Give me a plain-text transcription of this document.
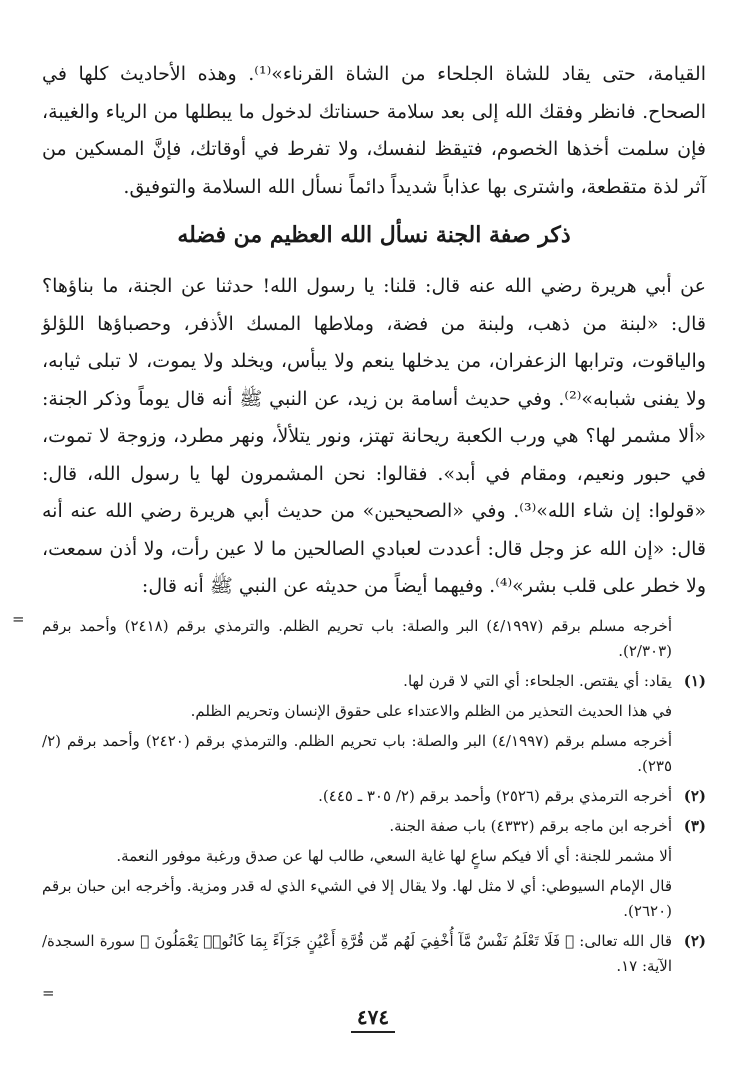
القيامة، حتى يقاد للشاة الجلحاء من الشاة القرناء»⁽¹⁾. وهذه الأحاديث كلها في الصحاح. فانظر وفقك الله إلى بعد سلامة حسناتك لدخول ما يبطلها من الرياء والغيبة، فإن سلمت أخذها الخصوم، فتيقظ لنفسك، ولا تفرط في أوقاتك، فإنَّ المسكين من آثر لذة متقطعة، واشترى بها عذاباً شديداً دائماً نسأل الله السلامة والتوفيق.

ذكر صفة الجنة نسأل الله العظيم من فضله

عن أبي هريرة رضي الله عنه قال: قلنا: يا رسول الله! حدثنا عن الجنة، ما بناؤها؟ قال: «لبنة من ذهب، ولبنة من فضة، وملاطها المسك الأذفر، وحصباؤها اللؤلؤ والياقوت، وترابها الزعفران، من يدخلها ينعم ولا يبأس، ويخلد ولا يموت، لا تبلى ثيابه، ولا يفنى شبابه»⁽²⁾. وفي حديث أسامة بن زيد، عن النبي ﷺ أنه قال يوماً وذكر الجنة: «ألا مشمر لها؟ هي ورب الكعبة ريحانة تهتز، ونور يتلألأ، ونهر مطرد، وزوجة لا تموت، في حبور ونعيم، ومقام في أبد». فقالوا: نحن المشمرون لها يا رسول الله، قال: «قولوا: إن شاء الله»⁽³⁾. وفي «الصحيحين» من حديث أبي هريرة رضي الله عنه أنه قال: «إن الله عز وجل قال: أعددت لعبادي الصالحين ما لا عين رأت، ولا أذن سمعت، ولا خطر على قلب بشر»⁽⁴⁾. وفيهما أيضاً من حديثه عن النبي ﷺ أنه قال:

= أخرجه مسلم برقم (٤/١٩٩٧) البر والصلة: باب تحريم الظلم. والترمذي برقم (٢٤١٨) وأحمد برقم (٢/٣٠٣).
(١)
يقاد: أي يقتص. الجلحاء: أي التي لا قرن لها.
في هذا الحديث التحذير من الظلم والاعتداء على حقوق الإنسان وتحريم الظلم.
أخرجه مسلم برقم (٤/١٩٩٧) البر والصلة: باب تحريم الظلم. والترمذي برقم (٢٤٢٠) وأحمد برقم (٢/ ٢٣٥).
(٢)
أخرجه الترمذي برقم (٢٥٢٦) وأحمد برقم (٢/ ٣٠٥ ـ ٤٤٥).
(٣)
أخرجه ابن ماجه برقم (٤٣٣٢) باب صفة الجنة.
ألا مشمر للجنة: أي ألا فيكم ساعٍ لها غاية السعي، طالب لها عن صدق ورغبة موفور النعمة.
قال الإمام السيوطي: أي لا مثل لها. ولا يقال إلا في الشيء الذي له قدر ومزية. وأخرجه ابن حبان برقم (٢٦٢٠).
(٢)
قال الله تعالى: ﴿ فَلَا تَعْلَمُ نَفْسٌ مَّآ أُخْفِيَ لَهُم مِّن قُرَّةِ أَعْيُنٍ جَزَآءً بِمَا كَانُوا۟ يَعْمَلُونَ ﴾ سورة السجدة/ الآية: ١٧.
=
٤٧٤
